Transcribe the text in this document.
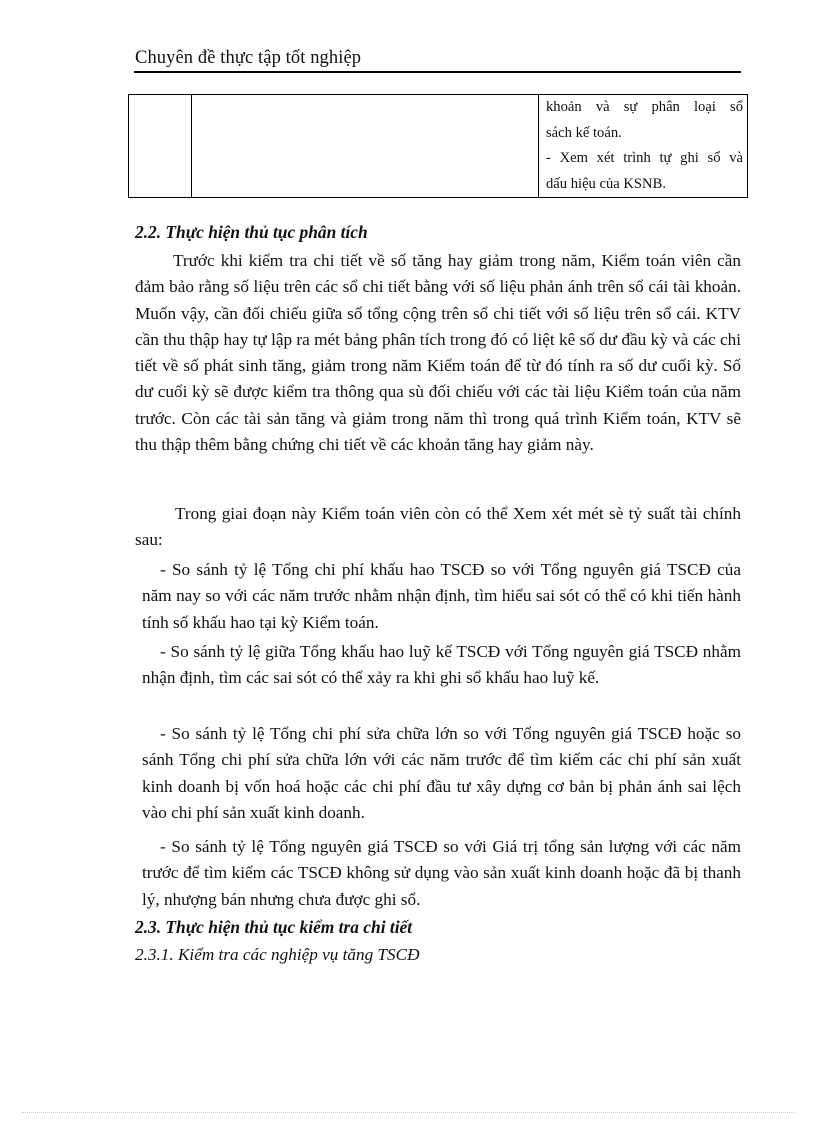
Chuyên đề thực tập tốt nghiệp

khoản và sự phân loại sổ
sách kế toán.
- Xem xét trình tự ghi sổ và
dấu hiệu của KSNB.
2.2. Thực hiện thủ tục phân tích
Trước khi kiểm tra chi tiết về số tăng hay giảm trong năm, Kiểm toán viên cần đảm bảo rằng số liệu trên các sổ chi tiết bằng với số liệu phản ánh trên sổ cái tài khoản. Muốn vậy, cần đối chiếu giữa số tổng cộng trên sổ chi tiết với số liệu trên sổ cái. KTV cần thu thập hay tự lập ra mét bảng phân tích trong đó có liệt kê số dư đầu kỳ và các chi tiết về số phát sinh tăng, giảm trong năm Kiểm toán để từ đó tính ra số dư cuối kỳ. Số dư cuối kỳ sẽ được kiểm tra thông qua sù đối chiếu với các tài liệu Kiểm toán của năm trước. Còn các tài sản tăng và giảm trong năm thì trong quá trình Kiểm toán, KTV sẽ thu thập thêm bằng chứng chi tiết về các khoản tăng hay giảm này.
Trong giai đoạn này Kiểm toán viên còn có thể Xem xét mét sè tỷ suất tài chính sau:
- So sánh tỷ lệ Tổng chi phí khấu hao TSCĐ so với Tổng nguyên giá TSCĐ của năm nay so với các năm trước nhằm nhận định, tìm hiểu sai sót có thể có khi tiến hành tính số khấu hao tại kỳ Kiểm toán.
- So sánh tỷ lệ giữa Tổng khấu hao luỹ kế TSCĐ với Tổng nguyên giá TSCĐ nhằm nhận định, tìm các sai sót có thể xảy ra khi ghi sổ khấu hao luỹ kế.
- So sánh tỷ lệ Tổng chi phí sửa chữa lớn so với Tổng nguyên giá TSCĐ hoặc so sánh Tổng chi phí sửa chữa lớn với các năm trước để tìm kiếm các chi phí sản xuất kinh doanh bị vốn hoá hoặc các chi phí đầu tư xây dựng cơ bản bị phản ánh sai lệch vào chi phí sản xuất kinh doanh.
- So sánh tỷ lệ Tổng nguyên giá TSCĐ so với Giá trị tổng sản lượng với các năm trước để tìm kiếm các TSCĐ không sử dụng vào sản xuất kinh doanh hoặc đã bị thanh lý, nhượng bán nhưng chưa được ghi sổ.
2.3. Thực hiện thủ tục kiểm tra chi tiết
2.3.1. Kiểm tra các nghiệp vụ tăng TSCĐ
